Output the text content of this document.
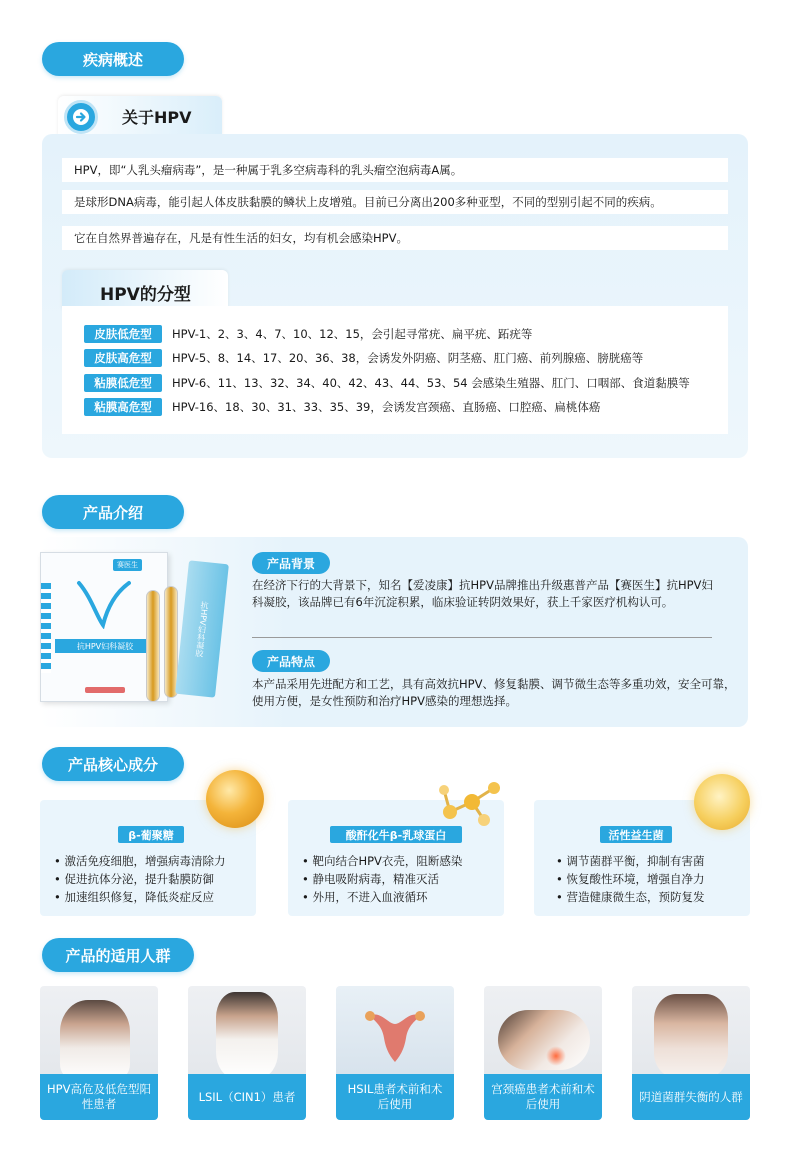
疾病概述
关于HPV
HPV，即“人乳头瘤病毒”，是一种属于乳多空病毒科的乳头瘤空泡病毒A属。
是球形DNA病毒，能引起人体皮肤黏膜的鳞状上皮增殖。目前已分离出200多种亚型，不同的型别引起不同的疾病。
它在自然界普遍存在，凡是有性生活的妇女，均有机会感染HPV。
HPV的分型
皮肤低危型	HPV-1、2、3、4、7、10、12、15，会引起寻常疣、扁平疣、跖疣等
皮肤高危型	HPV-5、8、14、17、20、36、38，会诱发外阴癌、阴茎癌、肛门癌、前列腺癌、膀胱癌等
粘膜低危型	HPV-6、11、13、32、34、40、42、43、44、53、54 会感染生殖器、肛门、口咽部、食道黏膜等
粘膜高危型	HPV-16、18、30、31、33、35、39，会诱发宫颈癌、直肠癌、口腔癌、扁桃体癌
产品介绍
赛医生
抗HPV妇科凝胶	抗HPV妇科凝胶
产品背景
在经济下行的大背景下，知名【爱凌康】抗HPV品牌推出升级惠普产品【赛医生】抗HPV妇科凝胶，该品牌已有6年沉淀积累，临床验证转阴效果好，获上千家医疗机构认可。
产品特点
本产品采用先进配方和工艺，具有高效抗HPV、修复黏膜、调节微生态等多重功效，安全可靠，使用方便，是女性预防和治疗HPV感染的理想选择。
产品核心成分
β-葡聚糖
• 激活免疫细胞，增强病毒清除力
• 促进抗体分泌，提升黏膜防御
• 加速组织修复，降低炎症反应
酸酐化牛β-乳球蛋白
• 靶向结合HPV衣壳，阻断感染
• 静电吸附病毒，精准灭活
• 外用，不进入血液循环
活性益生菌
• 调节菌群平衡，抑制有害菌
• 恢复酸性环境，增强自净力
• 营造健康微生态，预防复发
产品的适用人群
HPV高危及低危型阳性患者
LSIL（CIN1）患者
HSIL患者术前和术后使用
宫颈癌患者术前和术后使用
阴道菌群失衡的人群
